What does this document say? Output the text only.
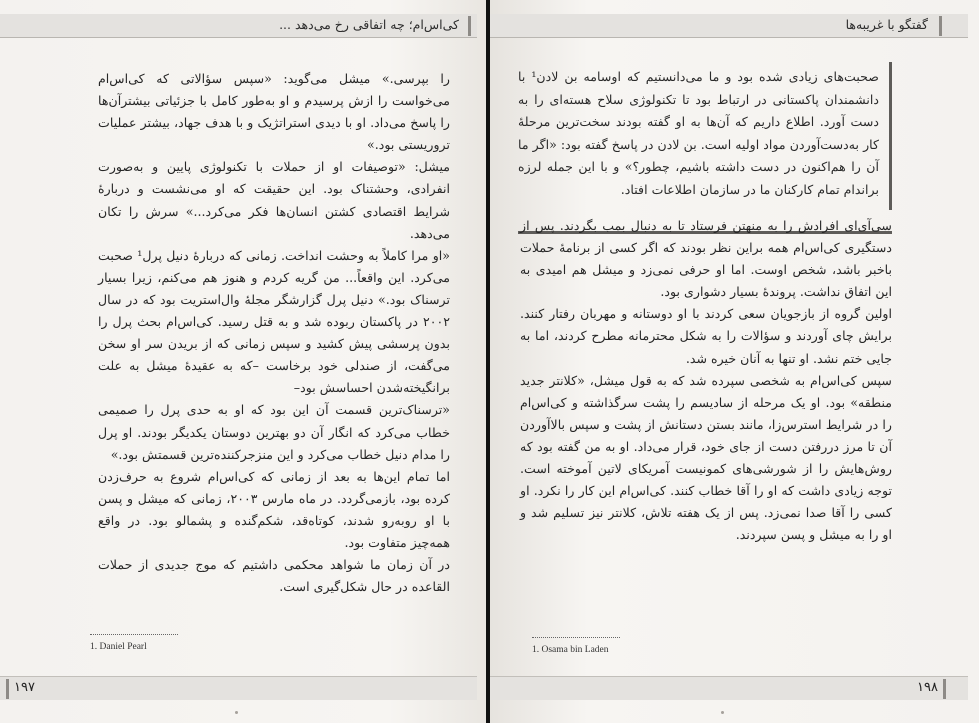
کی‌اس‌ام؛ چه اتفاقی رخ می‌دهد ...

را بپرسی.» میشل می‌گوید: «سپس سؤالاتی که کی‌اس‌ام می‌خواست را ازش پرسیدم و او به‌طور کامل با جزئیاتی بیشترآن‌ها را پاسخ می‌داد. او با دیدی استراتژیک و با هدف جهاد، بیشتر عملیات تروریستی بود.»

میشل: «توصیفات او از حملات با تکنولوژی پایین و به‌صورت انفرادی، وحشتناک بود. این حقیقت که او می‌نشست و دربارهٔ شرایط اقتصادی کشتن انسان‌ها فکر می‌کرد...» سرش را تکان می‌دهد.

«او مرا کاملاً به وحشت انداخت. زمانی که دربارهٔ دنیل پرل¹ صحبت می‌کرد. این واقعاً... من گریه کردم و هنوز هم می‌کنم، زیرا بسیار ترسناک بود.» دنیل پرل گزارشگر مجلهٔ وال‌استریت بود که در سال ۲۰۰۲ در پاکستان ربوده شد و به قتل رسید. کی‌اس‌ام بحث پرل را بدون پرسشی پیش کشید و سپس زمانی که از بریدن سر او سخن می‌گفت، از صندلی خود برخاست –که به عقیدهٔ میشل به علت برانگیخته‌شدن احساسش بود–

«ترسناک‌ترین قسمت آن این بود که او به حدی پرل را صمیمی خطاب می‌کرد که انگار آن دو بهترین دوستان یکدیگر بودند. او پرل را مدام دنیل خطاب می‌کرد و این منزجرکننده‌ترین قسمتش بود.»

اما تمام این‌ها به بعد از زمانی که کی‌اس‌ام شروع به حرف‌زدن کرده بود، بازمی‌گردد. در ماه مارس ۲۰۰۳، زمانی که میشل و پسن با او روبه‌رو شدند، کوتاه‌قد، شکم‌گنده و پشمالو بود. در واقع همه‌چیز متفاوت بود.

در آن زمان ما شواهد محکمی داشتیم که موج جدیدی از حملات القاعده در حال شکل‌گیری است.

1. Daniel Pearl
۱۹۷
گفتگو با غریبه‌ها

صحبت‌های زیادی شده بود و ما می‌دانستیم که اوسامه بن لادن¹ با دانشمندان پاکستانی در ارتباط بود تا تکنولوژی سلاح هسته‌ای را به دست آورد. اطلاع داریم که آن‌ها به او گفته بودند سخت‌ترین مرحلهٔ کار به‌دست‌آوردن مواد اولیه است. بن لادن در پاسخ گفته بود: «اگر ما آن را هم‌اکنون در دست داشته باشیم، چطور؟» و با این جمله لرزه براندام تمام کارکنان ما در سازمان اطلاعات افتاد.

سی‌آی‌ای افرادش را به منهتن فرستاد تا به دنبال بمب بگردند. پس از دستگیری کی‌اس‌ام همه براین نظر بودند که اگر کسی از برنامهٔ حملات باخبر باشد، شخص اوست. اما او حرفی نمی‌زد و میشل هم امیدی به این اتفاق نداشت. پروندهٔ بسیار دشواری بود.

اولین گروه از بازجویان سعی کردند با او دوستانه و مهربان رفتار کنند. برایش چای آوردند و سؤالات را به شکل محترمانه مطرح کردند، اما به جایی ختم نشد. او تنها به آنان خیره شد.

سپس کی‌اس‌ام به شخصی سپرده شد که به قول میشل، «کلانتر جدید منطقه» بود. او یک مرحله از سادیسم را پشت سرگذاشته و کی‌اس‌ام را در شرایط استرس‌زا، مانند بستن دستانش از پشت و سپس بالاآوردن آن تا مرز دررفتن دست از جای خود، قرار می‌داد. او به من گفته بود که روش‌هایش را از شورشی‌های کمونیست آمریکای لاتین آموخته است. توجه زیادی داشت که او را آقا خطاب کنند. کی‌اس‌ام این کار را نکرد. او کسی را آقا صدا نمی‌زد. پس از یک هفته تلاش، کلانتر نیز تسلیم شد و او را به میشل و پسن سپردند.

1. Osama bin Laden
۱۹۸
